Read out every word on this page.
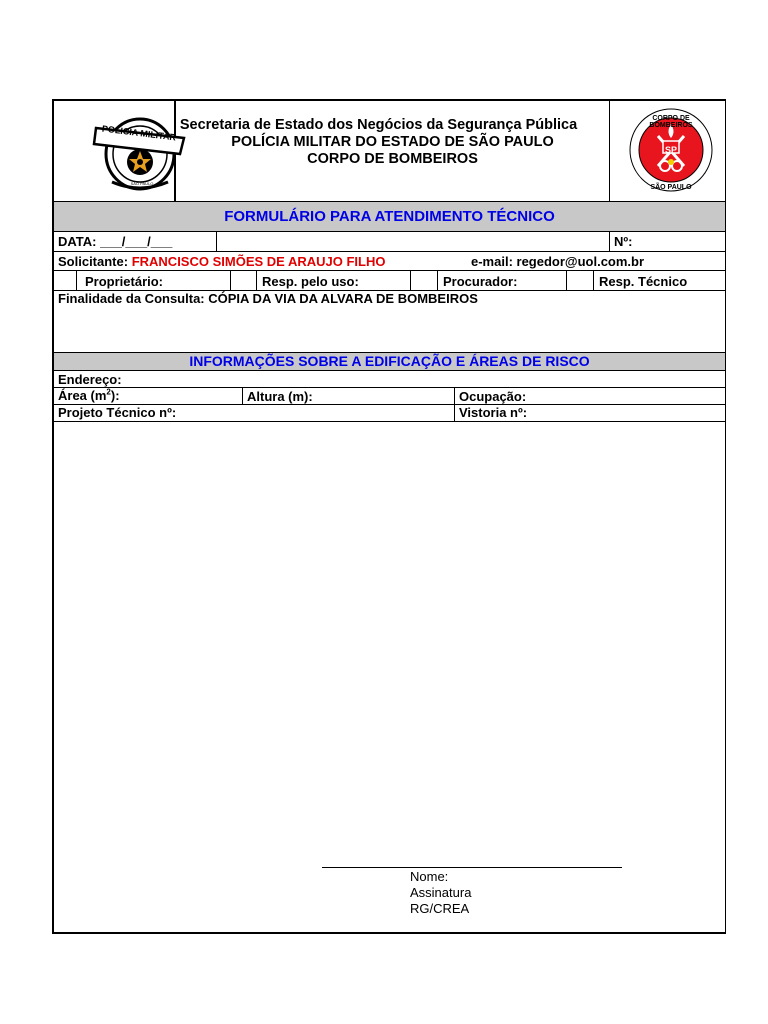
POLICIA MILITAR
SÃO PAULO
Secretaria de Estado dos Negócios da Segurança Pública
POLÍCIA MILITAR DO ESTADO DE SÃO PAULO
CORPO DE BOMBEIROS
CORPO DE BOMBEIROS
SP
SÃO PAULO
FORMULÁRIO PARA ATENDIMENTO TÉCNICO
DATA: ___/___/___	Nº:
Solicitante: FRANCISCO SIMÕES DE ARAUJO FILHO	e-mail: regedor@uol.com.br
Proprietário:	Resp. pelo uso:	Procurador:	Resp. Técnico
Finalidade da Consulta: CÓPIA DA VIA DA ALVARA DE BOMBEIROS
INFORMAÇÕES SOBRE A EDIFICAÇÃO E ÁREAS DE RISCO
Endereço:
Área $(m^2)$:	Altura (m):	Ocupação:
Projeto Técnico nº:	Vistoria nº:
Nome:
Assinatura
RG/CREA
